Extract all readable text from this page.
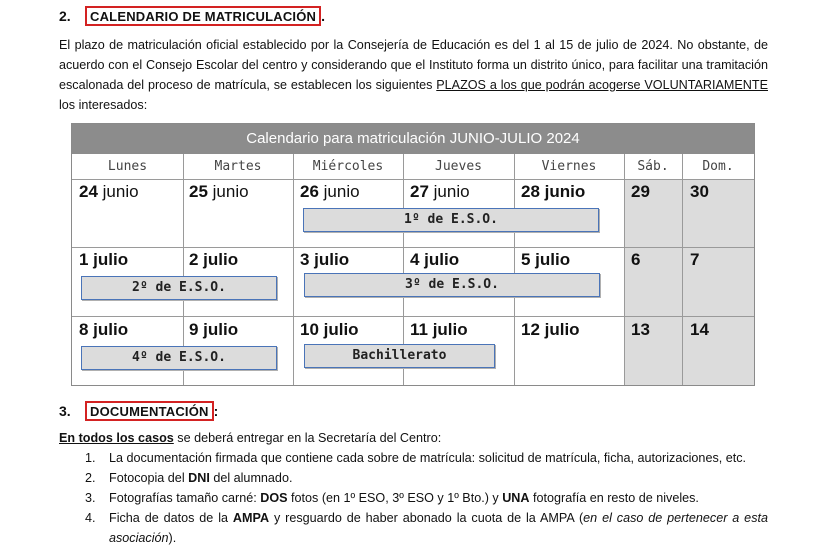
2. CALENDARIO DE MATRICULACIÓN .

El plazo de matriculación oficial establecido por la Consejería de Educación es del 1 al 15 de julio de 2024. No obstante, de acuerdo con el Consejo Escolar del centro y considerando que el Instituto forma un distrito único, para facilitar una tramitación escalonada del proceso de matrícula, se establecen los siguientes PLAZOS a los que podrán acogerse VOLUNTARIAMENTE los interesados:

Calendario para matriculación JUNIO-JULIO 2024
Lunes	Martes	Miércoles	Jueves	Viernes	Sáb.	Dom.
24 junio	25 junio	26 junio	27 junio	28 junio	29 30
1 julio	2 julio	3 julio	4 julio	5 julio	6	7
8 julio	9 julio	10 julio	11 julio	12 julio	13 14
1º de E.S.O.
2º de E.S.O.	3º de E.S.O.
4º de E.S.O.	Bachillerato
3. DOCUMENTACIÓN :
En todos los casos se deberá entregar en la Secretaría del Centro:
1. La documentación firmada que contiene cada sobre de matrícula: solicitud de matrícula, ficha, autorizaciones, etc.
2. Fotocopia del DNI del alumnado.
3. Fotografías tamaño carné: DOS fotos (en 1º ESO, 3º ESO y 1º Bto.) y UNA fotografía en resto de niveles.
4. Ficha de datos de la AMPA y resguardo de haber abonado la cuota de la AMPA (en el caso de pertenecer a esta asociación).
